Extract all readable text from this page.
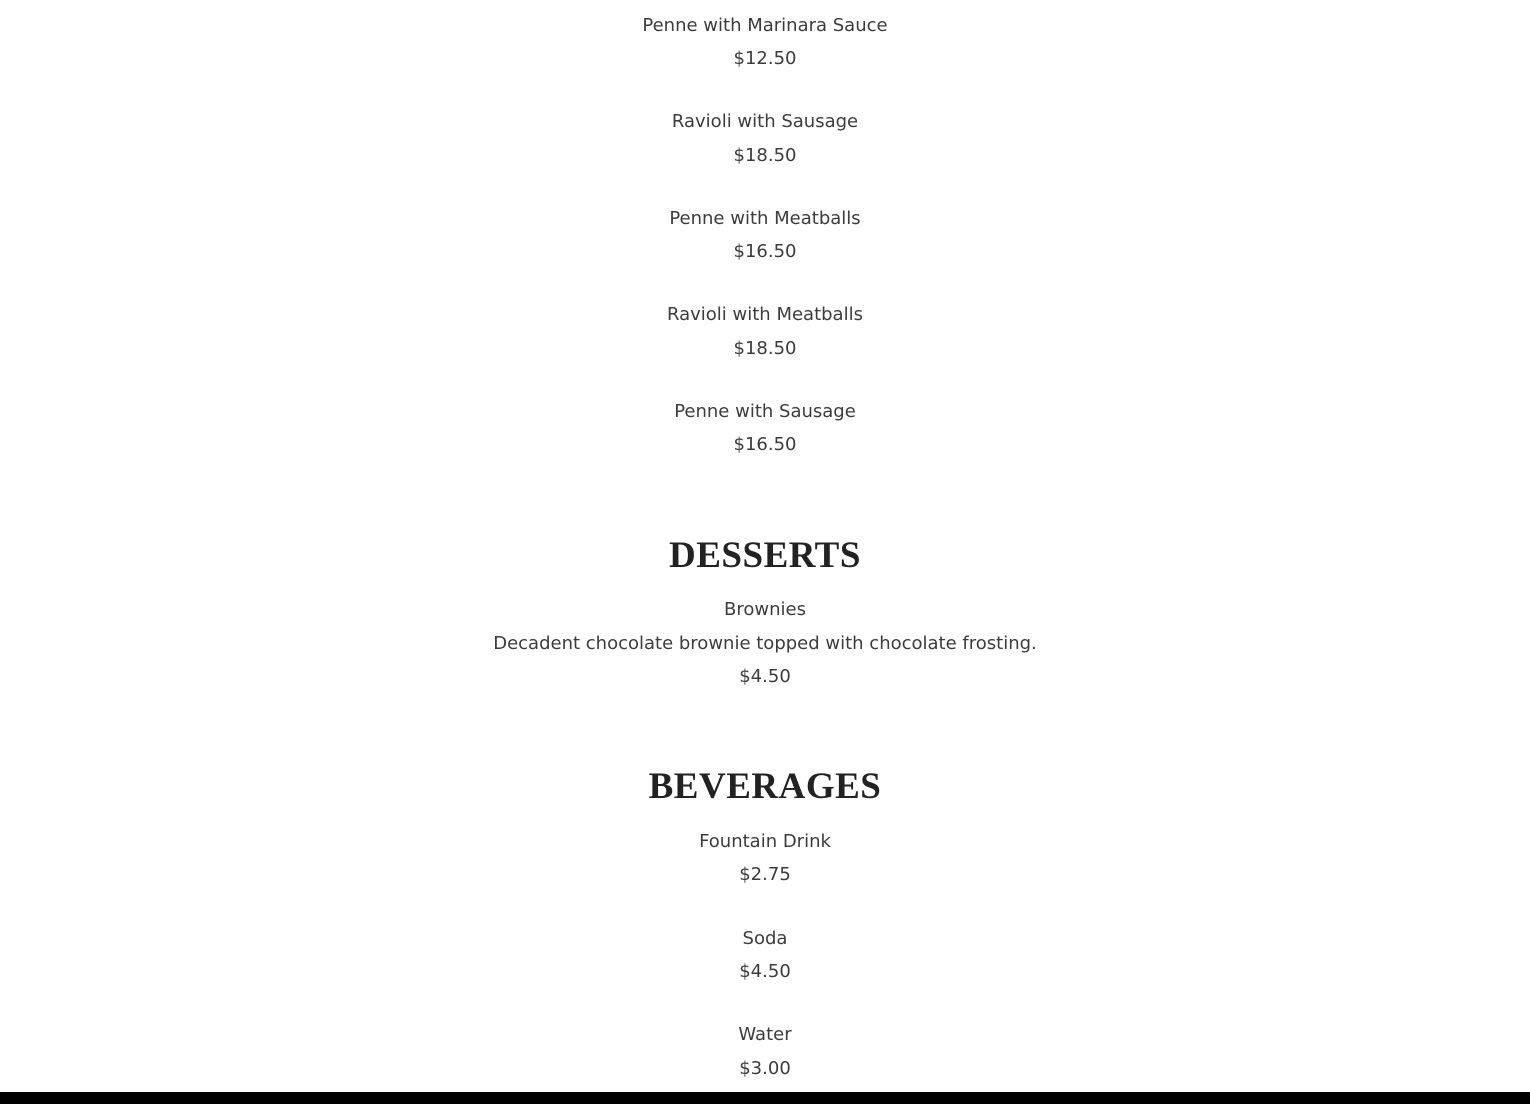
Penne with Marinara Sauce
$12.50
Ravioli with Sausage
$18.50
Penne with Meatballs
$16.50
Ravioli with Meatballs
$18.50
Penne with Sausage
$16.50
DESSERTS
Brownies
Decadent chocolate brownie topped with chocolate frosting.
$4.50
BEVERAGES
Fountain Drink
$2.75
Soda
$4.50
Water
$3.00
